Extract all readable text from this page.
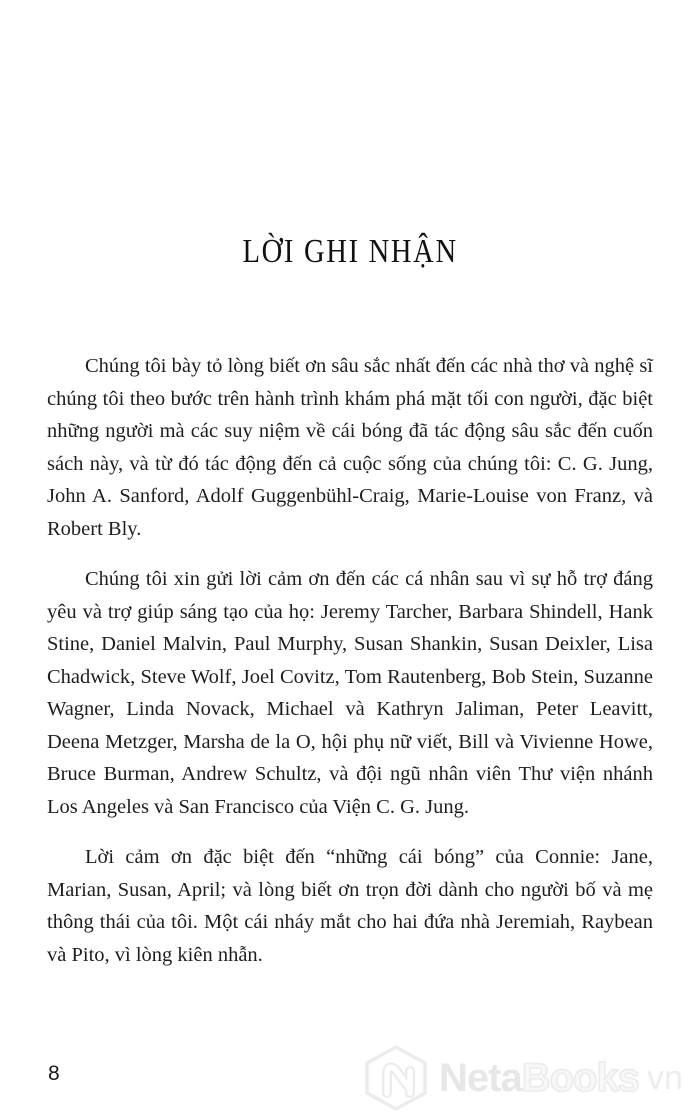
LỜI GHI NHẬN

Chúng tôi bày tỏ lòng biết ơn sâu sắc nhất đến các nhà thơ và nghệ sĩ chúng tôi theo bước trên hành trình khám phá mặt tối con người, đặc biệt những người mà các suy niệm về cái bóng đã tác động sâu sắc đến cuốn sách này, và từ đó tác động đến cả cuộc sống của chúng tôi: C. G. Jung, John A. Sanford, Adolf Guggenbühl-Craig, Marie-Louise von Franz, và Robert Bly.

Chúng tôi xin gửi lời cảm ơn đến các cá nhân sau vì sự hỗ trợ đáng yêu và trợ giúp sáng tạo của họ: Jeremy Tarcher, Barbara Shindell, Hank Stine, Daniel Malvin, Paul Murphy, Susan Shankin, Susan Deixler, Lisa Chadwick, Steve Wolf, Joel Covitz, Tom Rautenberg, Bob Stein, Suzanne Wagner, Linda Novack, Michael và Kathryn Jaliman, Peter Leavitt, Deena Metzger, Marsha de la O, hội phụ nữ viết, Bill và Vivienne Howe, Bruce Burman, Andrew Schultz, và đội ngũ nhân viên Thư viện nhánh Los Angeles và San Francisco của Viện C. G. Jung.

Lời cảm ơn đặc biệt đến “những cái bóng” của Connie: Jane, Marian, Susan, April; và lòng biết ơn trọn đời dành cho người bố và mẹ thông thái của tôi. Một cái nháy mắt cho hai đứa nhà Jeremiah, Raybean và Pito, vì lòng kiên nhẫn.

8	Neta Books vn
